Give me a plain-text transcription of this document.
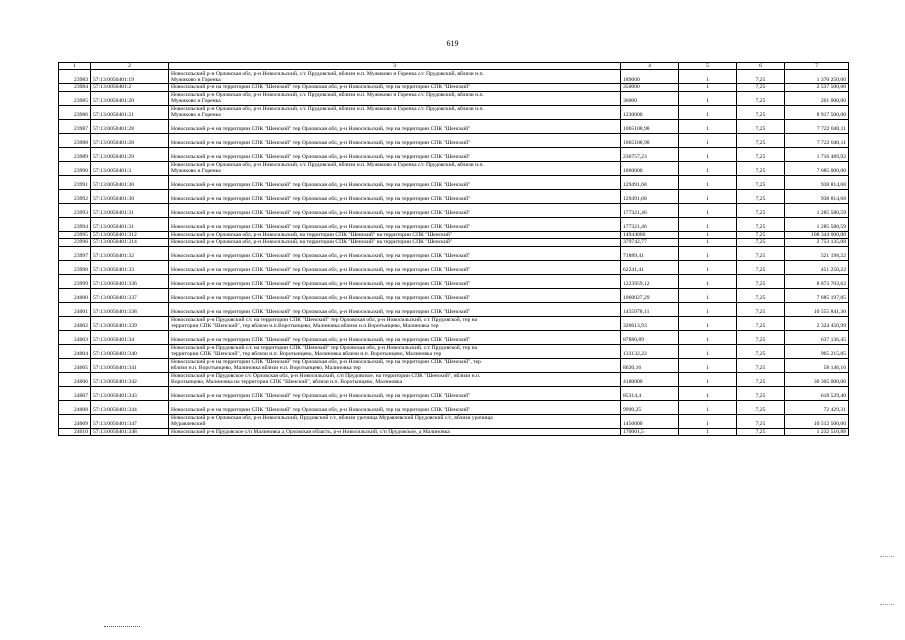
619
1	2	3	4	5	6	7
23983	57:13:0050401:19	Новосильский р-н Орловская обл, р-н Новосильский, с/с Прудовский, вблизи н.п. Мужиково и Горенка с/с Прудовский, вблизи н.п.
Мужиково и Горенка	189000	1	7,25	1 370 250,00
23984	57:13:0050401:2	Новосильский р-н на территории СПК "Шенский" тер Орловская обл, р-н Новосильский, тер на территории СПК "Шенский"	350000	1	7,25	2 537 500,00
23985	57:13:0050401:20	Новосильский р-н Орловская обл, р-н Новосильский, с/с Прудовский, вблизи н.п. Мужиково и Горенка с/с Прудовский, вблизи н.п.
Мужиково и Горенка	36000	1	7,25	261 000,00
23986	57:13:0050401:21	Новосильский р-н Орловская обл, р-н Новосильский, с/с Прудовский, вблизи н.п. Мужиково и Горенка с/с Прудовский, вблизи н.п.
Мужиково и Горенка	1230000	1	7,25	8 917 500,00
23987	57:13:0050401:28	Новосильский р-н на территории СПК "Шенский" тер Орловская обл, р-н Новосильский, тер на территории СПК "Шенский"	1065108,98	1	7,25	7 722 040,11
23988	57:13:0050401:28	Новосильский р-н на территории СПК "Шенский" тер Орловская обл, р-н Новосильский, тер на территории СПК "Шенский"	1065108,98	1	7,25	7 722 040,11
23989	57:13:0050401:29	Новосильский р-н на территории СПК "Шенский" тер Орловская обл, р-н Новосильский, тер на территории СПК "Шенский"	236757,23	1	7,25	1 716 489,92
23990	57:13:0050401:3	Новосильский р-н Орловская обл, р-н Новосильский, с/с Прудовский, вблизи н.п. Мужиково и Горенка с/с Прудовский, вблизи н.п.
Мужиково и Горенка	1060000	1	7,25	7 685 000,00
23991	57:13:0050401:30	Новосильский р-н на территории СПК "Шенский" тер Орловская обл, р-н Новосильский, тер на территории СПК "Шенский"	129491,68	1	7,25	938 814,68
23992	57:13:0050401:30	Новосильский р-н на территории СПК "Шенский" тер Орловская обл, р-н Новосильский, тер на территории СПК "Шенский"	129491,68	1	7,25	938 814,68
23993	57:13:0050401:31	Новосильский р-н на территории СПК "Шенский" тер Орловская обл, р-н Новосильский, тер на территории СПК "Шенский"	177321,46	1	7,25	1 285 580,59
23994	57:13:0050401:31	Новосильский р-н на территории СПК "Шенский" тер Орловская обл, р-н Новосильский, тер на территории СПК "Шенский"	177321,46	1	7,25	1 285 580,59
23995	57:13:0050401:312	Новосильский р-н Орловская обл, р-н Новосильский, на территории СПК "Шенский" на территории СПК "Шенский"	14944000	1	7,25	108 344 000,00
23996	57:13:0050401:314	Новосильский р-н Орловская обл, р-н Новосильский, на территории СПК "Шенский" на территории СПК "Шенский"	379742,77	1	7,25	2 753 135,08
23997	57:13:0050401:32	Новосильский р-н на территории СПК "Шенский" тер Орловская обл, р-н Новосильский, тер на территории СПК "Шенский"	71889,41	1	7,25	521 198,22
23998	57:13:0050401:33	Новосильский р-н на территории СПК "Шенский" тер Орловская обл, р-н Новосильский, тер на территории СПК "Шенский"	62241,41	1	7,25	451 250,22
23999	57:13:0050401:336	Новосильский р-н на территории СПК "Шенский" тер Орловская обл, р-н Новосильский, тер на территории СПК "Шенский"	1223959,12	1	7,25	8 873 703,62
24000	57:13:0050401:337	Новосильский р-н на территории СПК "Шенский" тер Орловская обл, р-н Новосильский, тер на территории СПК "Шенский"	1060027,29	1	7,25	7 685 197,85
24001	57:13:0050401:338	Новосильский р-н на территории СПК "Шенский" тер Орловская обл, р-н Новосильский, тер на территории СПК "Шенский"	1455978,11	1	7,25	10 555 841,30
24002	57:13:0050401:339	Новосильский р-н Прудовский с/с на территории СПК "Шенский" тер Орловская обл, р-н Новосильский, с/с Прудовской, тер на
территории СПК "Шенский", тер вблизи н.п.Воротынцево, Малиновка вблизи н.п.Воротынцево, Малиновка тер	320613,93	1	7,25	2 324 450,99
24003	57:13:0050401:34	Новосильский р-н на территории СПК "Шенский" тер Орловская обл, р-н Новосильский, тер на территории СПК "Шенский"	87880,89	1	7,25	637 136,45
24004	57:13:0050401:340	Новосильский р-н Прудовский с/с на территории СПК "Шенский" тер Орловская обл, р-н Новосильский, с/с Прудовской, тер на
территории СПК "Шенский", тер вблизи н.п. Воротынцево, Малиновка вблизи н.п. Воротынцево, Малиновка тер	133132,22	1	7,25	965 215,85
24005	57:13:0050401:341	Новосильский р-н на территории СПК "Шенский" тер Орловская обл, р-н Новосильский, тер на территории СПК "Шенский", тер
вблизи н.п. Воротынцево, Малиновка вблизи н.п. Воротынцево, Малиновка тер	8020,16	1	7,25	58 146,16
24006	57:13:0050401:342	Новосильский р-н Прудовское с/с Орловская обл, р-н Новосильский, с/п Прудовское, на территории СПК "Шенский", вблизи н.п.
Воротынцево, Малиновка на территории СПК "Шенский", вблизи н.п. Воротынцево, Малиновка	4180000	1	7,25	30 305 000,00
24007	57:13:0050401:343	Новосильский р-н на территории СПК "Шенский" тер Орловская обл, р-н Новосильский, тер на территории СПК "Шенский"	85314,4	1	7,25	618 529,40
24008	57:13:0050401:344	Новосильский р-н на территории СПК "Шенский" тер Орловская обл, р-н Новосильский, тер на территории СПК "Шенский"	9990,25	1	7,25	72 429,31
24009	57:13:0050401:347	Новосильский р-н Орловская обл, р-н Новосильский, Прудовский с/с, вблизи урочища Муравлевский Прудовский с/с, вблизи урочища
Муравлевский	1450000	1	7,25	10 512 500,00
24010	57:13:0050401:348	Новосильский р-н Прудовское с/п Малиновка д Орловская область, р-н Новосильский, с/п Прудовское, д Малиновка	170001,5	1	7,25	1 232 510,88
